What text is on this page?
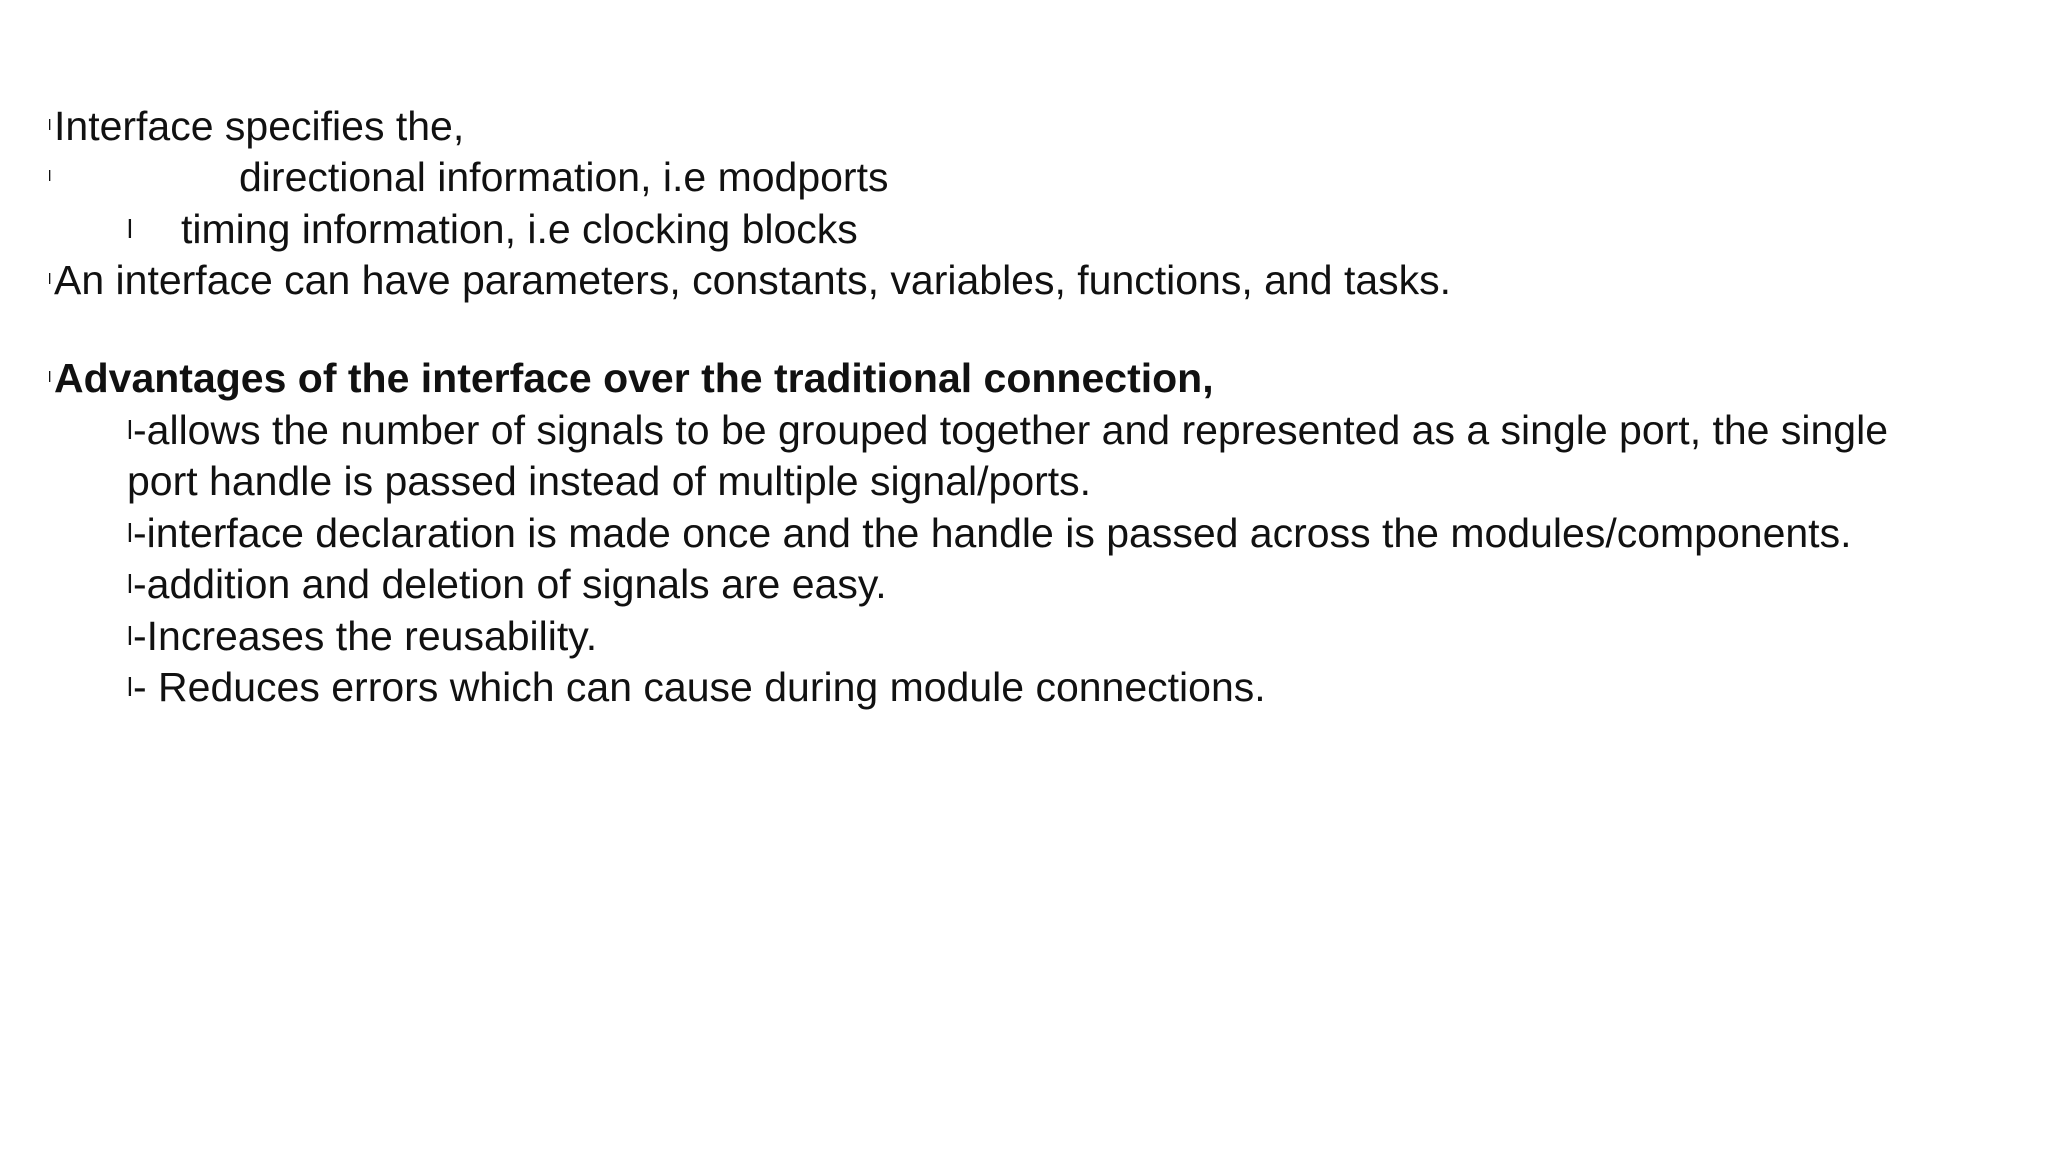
l Interface specifies the,
l	directional information, i.e modports
l timing information, i.e clocking blocks
l An interface can have parameters, constants, variables, functions, and tasks.
l Advantages of the interface over the traditional connection,
l -allows the number of signals to be grouped together and represented as a single port, the single
port handle is passed instead of multiple signal/ports.
l -interface declaration is made once and the handle is passed across the modules/components.
l -addition and deletion of signals are easy.
l -Increases the reusability.
l - Reduces errors which can cause during module connections.
